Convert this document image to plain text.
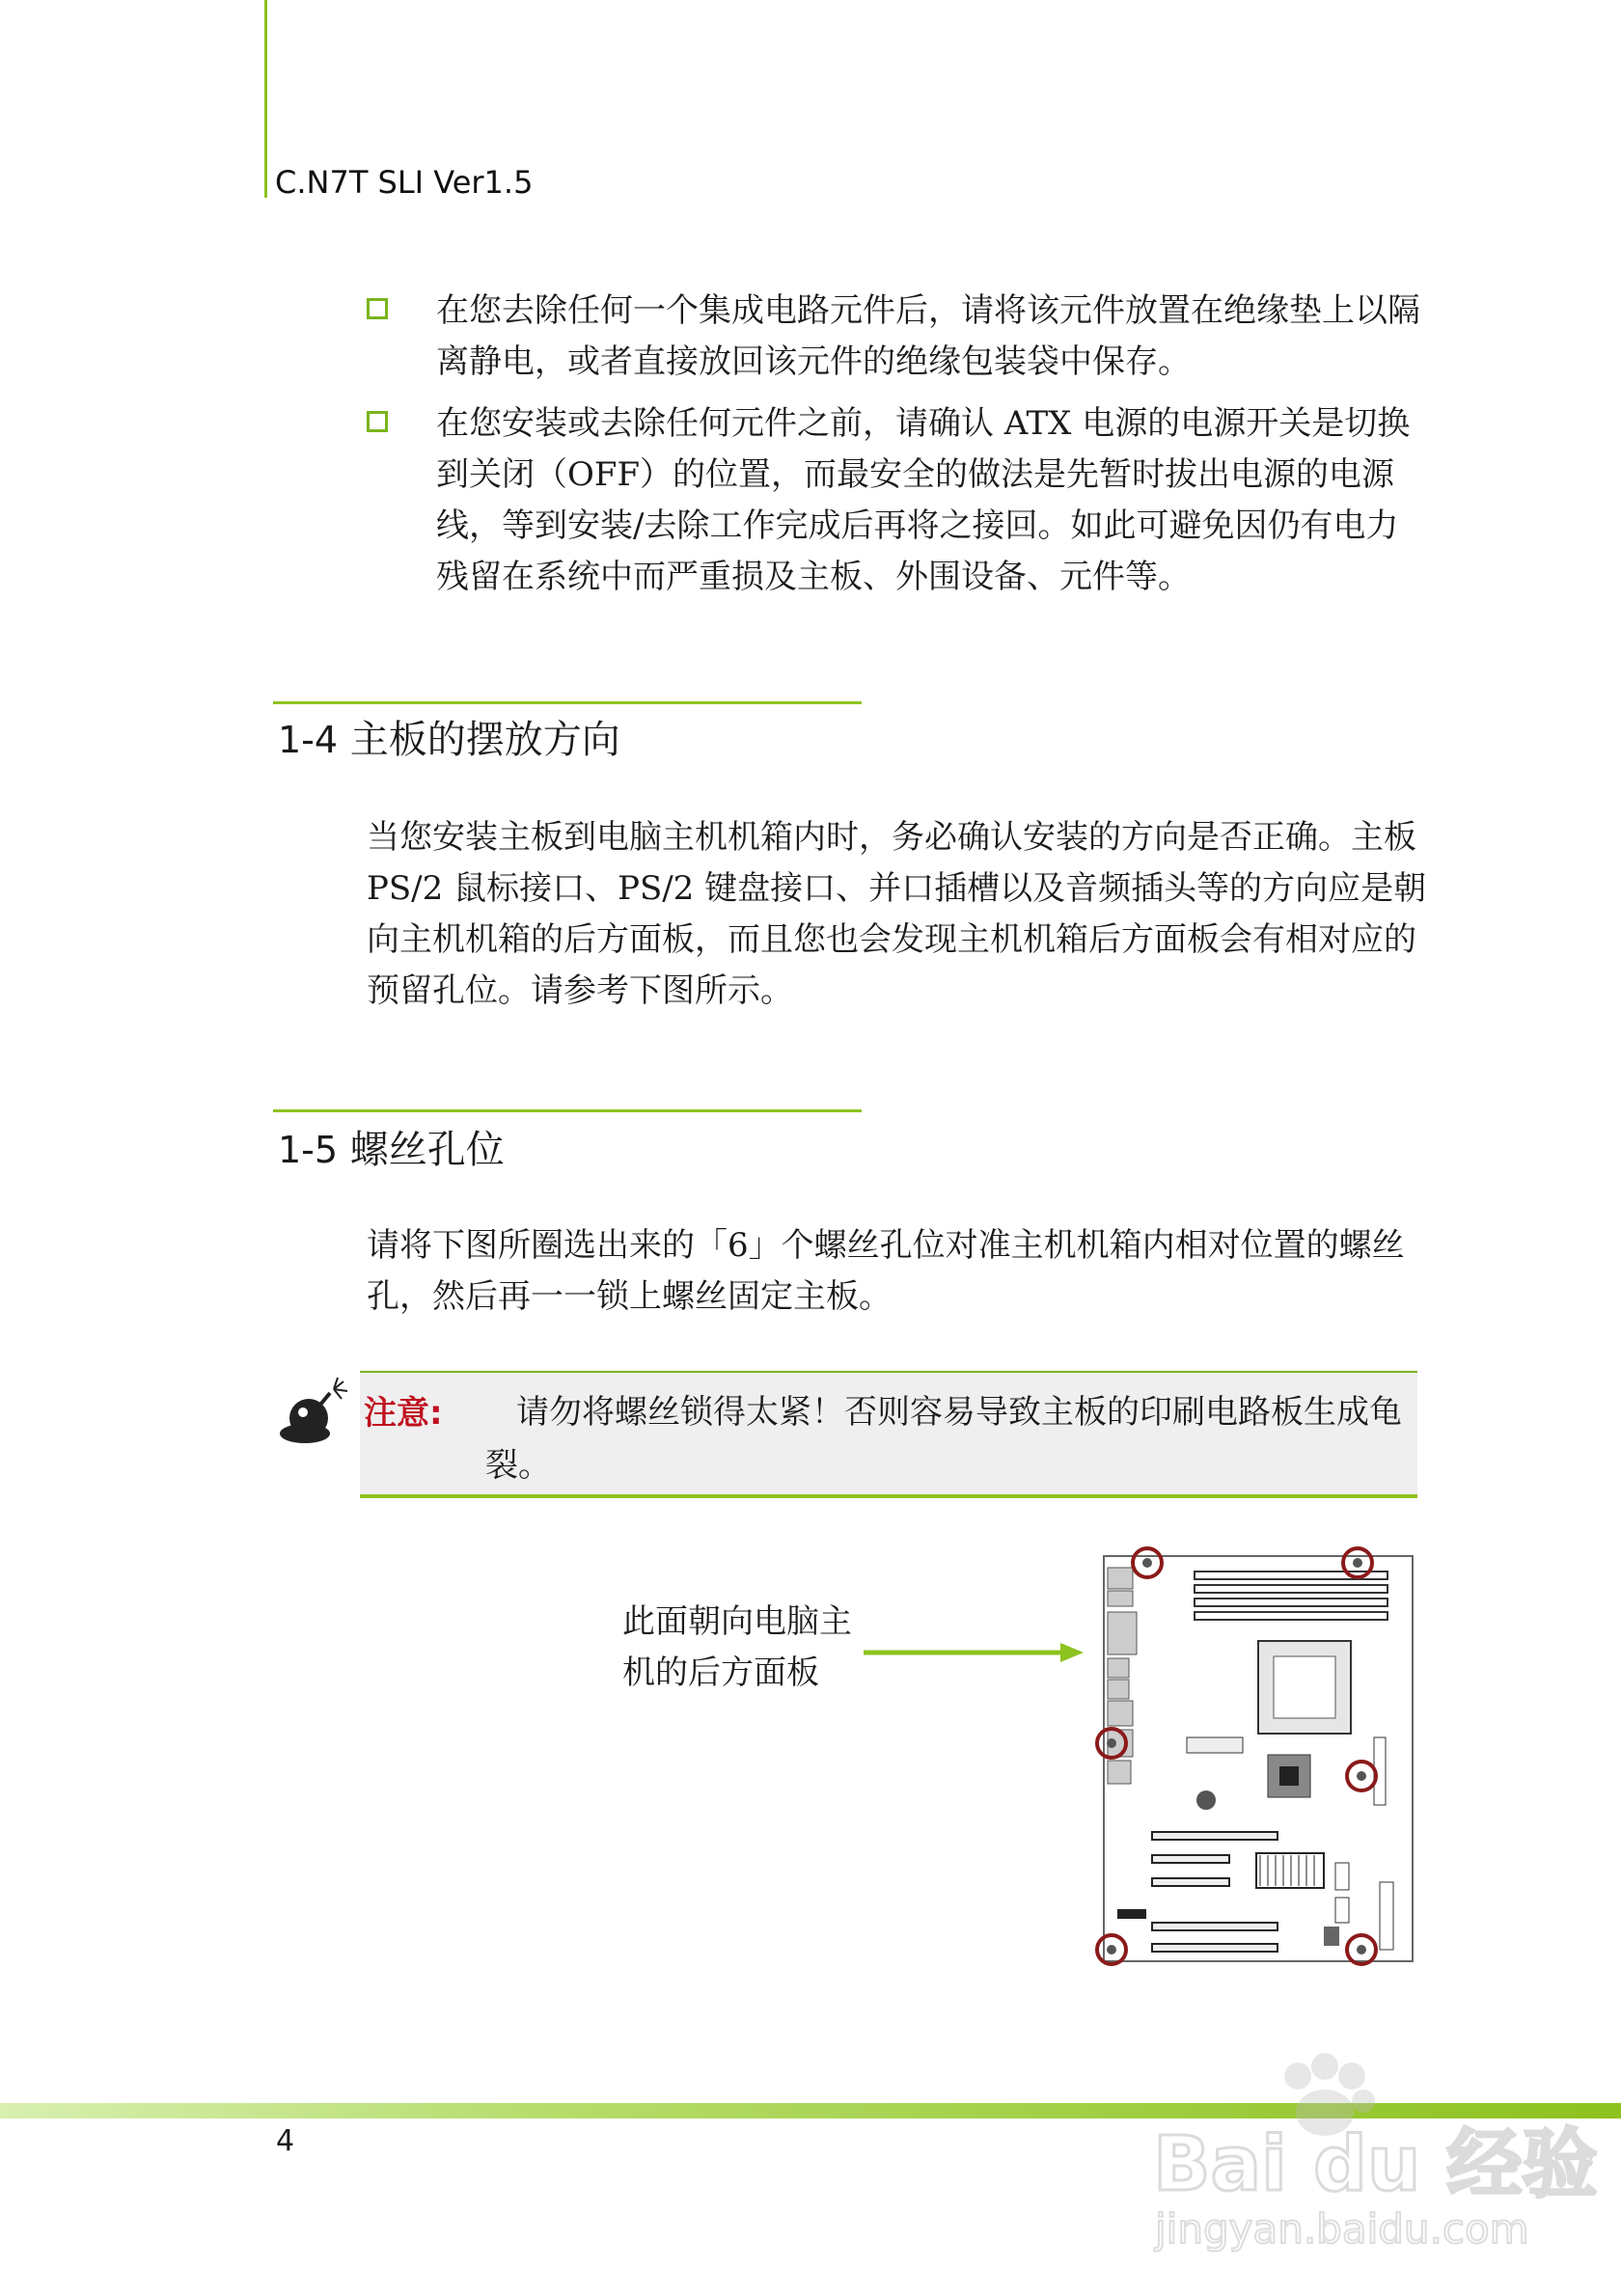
C.N7T SLI Ver1.5
在您去除任何一个集成电路元件后，请将该元件放置在绝缘垫上以隔离静电，或者直接放回该元件的绝缘包装袋中保存。
在您安装或去除任何元件之前，请确认 ATX 电源的电源开关是切换到关闭（OFF）的位置，而最安全的做法是先暂时拔出电源的电源线，等到安装/去除工作完成后再将之接回。如此可避免因仍有电力残留在系统中而严重损及主板、外围设备、元件等。
1-4 主板的摆放方向
当您安装主板到电脑主机机箱内时，务必确认安装的方向是否正确。主板 PS/2 鼠标接口、PS/2 键盘接口、并口插槽以及音频插头等的方向应是朝向主机机箱的后方面板，而且您也会发现主机机箱后方面板会有相对应的预留孔位。请参考下图所示。
1-5 螺丝孔位
请将下图所圈选出来的「6」个螺丝孔位对准主机机箱内相对位置的螺丝孔，然后再一一锁上螺丝固定主板。
注意:	请勿将螺丝锁得太紧！否则容易导致主板的印刷电路板生成龟裂。
此面朝向电脑主机的后方面板
4	Bai du 经验
jingyan.baidu.com
